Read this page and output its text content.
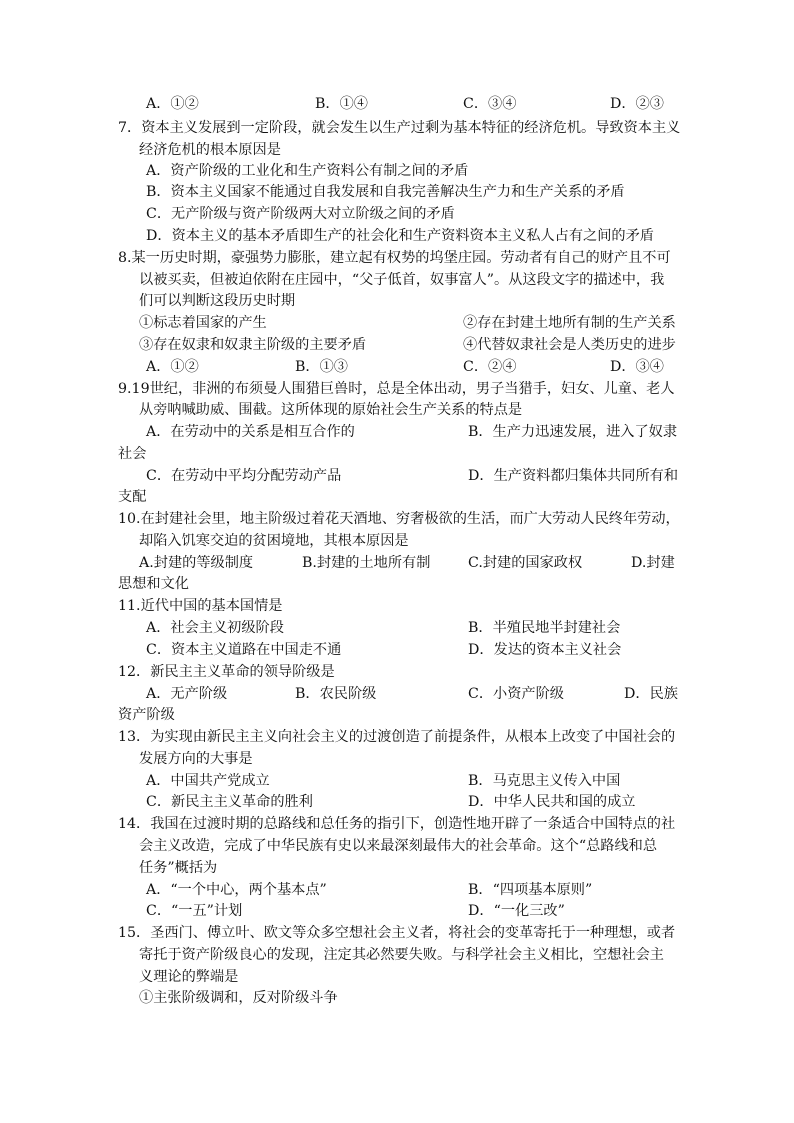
A．①②	B．①④	C．③④	D．②③
7．资本主义发展到一定阶段，就会发生以生产过剩为基本特征的经济危机。导致资本主义
经济危机的根本原因是
A．资产阶级的工业化和生产资料公有制之间的矛盾
B．资本主义国家不能通过自我发展和自我完善解决生产力和生产关系的矛盾
C．无产阶级与资产阶级两大对立阶级之间的矛盾
D．资本主义的基本矛盾即生产的社会化和生产资料资本主义私人占有之间的矛盾
8.某一历史时期，豪强势力膨胀，建立起有权势的坞堡庄园。劳动者有自己的财产且不可
以被买卖，但被迫依附在庄园中，“父子低首，奴事富人”。从这段文字的描述中，我
们可以判断这段历史时期
①标志着国家的产生	②存在封建土地所有制的生产关系
③存在奴隶和奴隶主阶级的主要矛盾	④代替奴隶社会是人类历史的进步
A．①②	B．①③	C．②④	D．③④
9.19世纪，非洲的布须曼人围猎巨兽时，总是全体出动，男子当猎手，妇女、儿童、老人
从旁呐喊助威、围截。这所体现的原始社会生产关系的特点是
A．在劳动中的关系是相互合作的	B．生产力迅速发展，进入了奴隶
社会
C．在劳动中平均分配劳动产品	D．生产资料都归集体共同所有和
支配
10.在封建社会里，地主阶级过着花天酒地、穷奢极欲的生活，而广大劳动人民终年劳动，
却陷入饥寒交迫的贫困境地，其根本原因是
A.封建的等级制度	B.封建的土地所有制 C.封建的国家政权	D.封建
思想和文化
11.近代中国的基本国情是
A．社会主义初级阶段	B．半殖民地半封建社会
C．资本主义道路在中国走不通	D．发达的资本主义社会
12．新民主主义革命的领导阶级是
A．无产阶级	B．农民阶级	C．小资产阶级	D．民族
资产阶级
13．为实现由新民主主义向社会主义的过渡创造了前提条件，从根本上改变了中国社会的
发展方向的大事是
A．中国共产党成立	B．马克思主义传入中国
C．新民主主义革命的胜利	D．中华人民共和国的成立
14．我国在过渡时期的总路线和总任务的指引下，创造性地开辟了一条适合中国特点的社
会主义改造，完成了中华民族有史以来最深刻最伟大的社会革命。这个“总路线和总
任务”概括为
A．“一个中心，两个基本点”	B．“四项基本原则”
C．“一五”计划	D．“一化三改”
15．圣西门、傅立叶、欧文等众多空想社会主义者，将社会的变革寄托于一种理想，或者
寄托于资产阶级良心的发现，注定其必然要失败。与科学社会主义相比，空想社会主
义理论的弊端是
①主张阶级调和，反对阶级斗争
